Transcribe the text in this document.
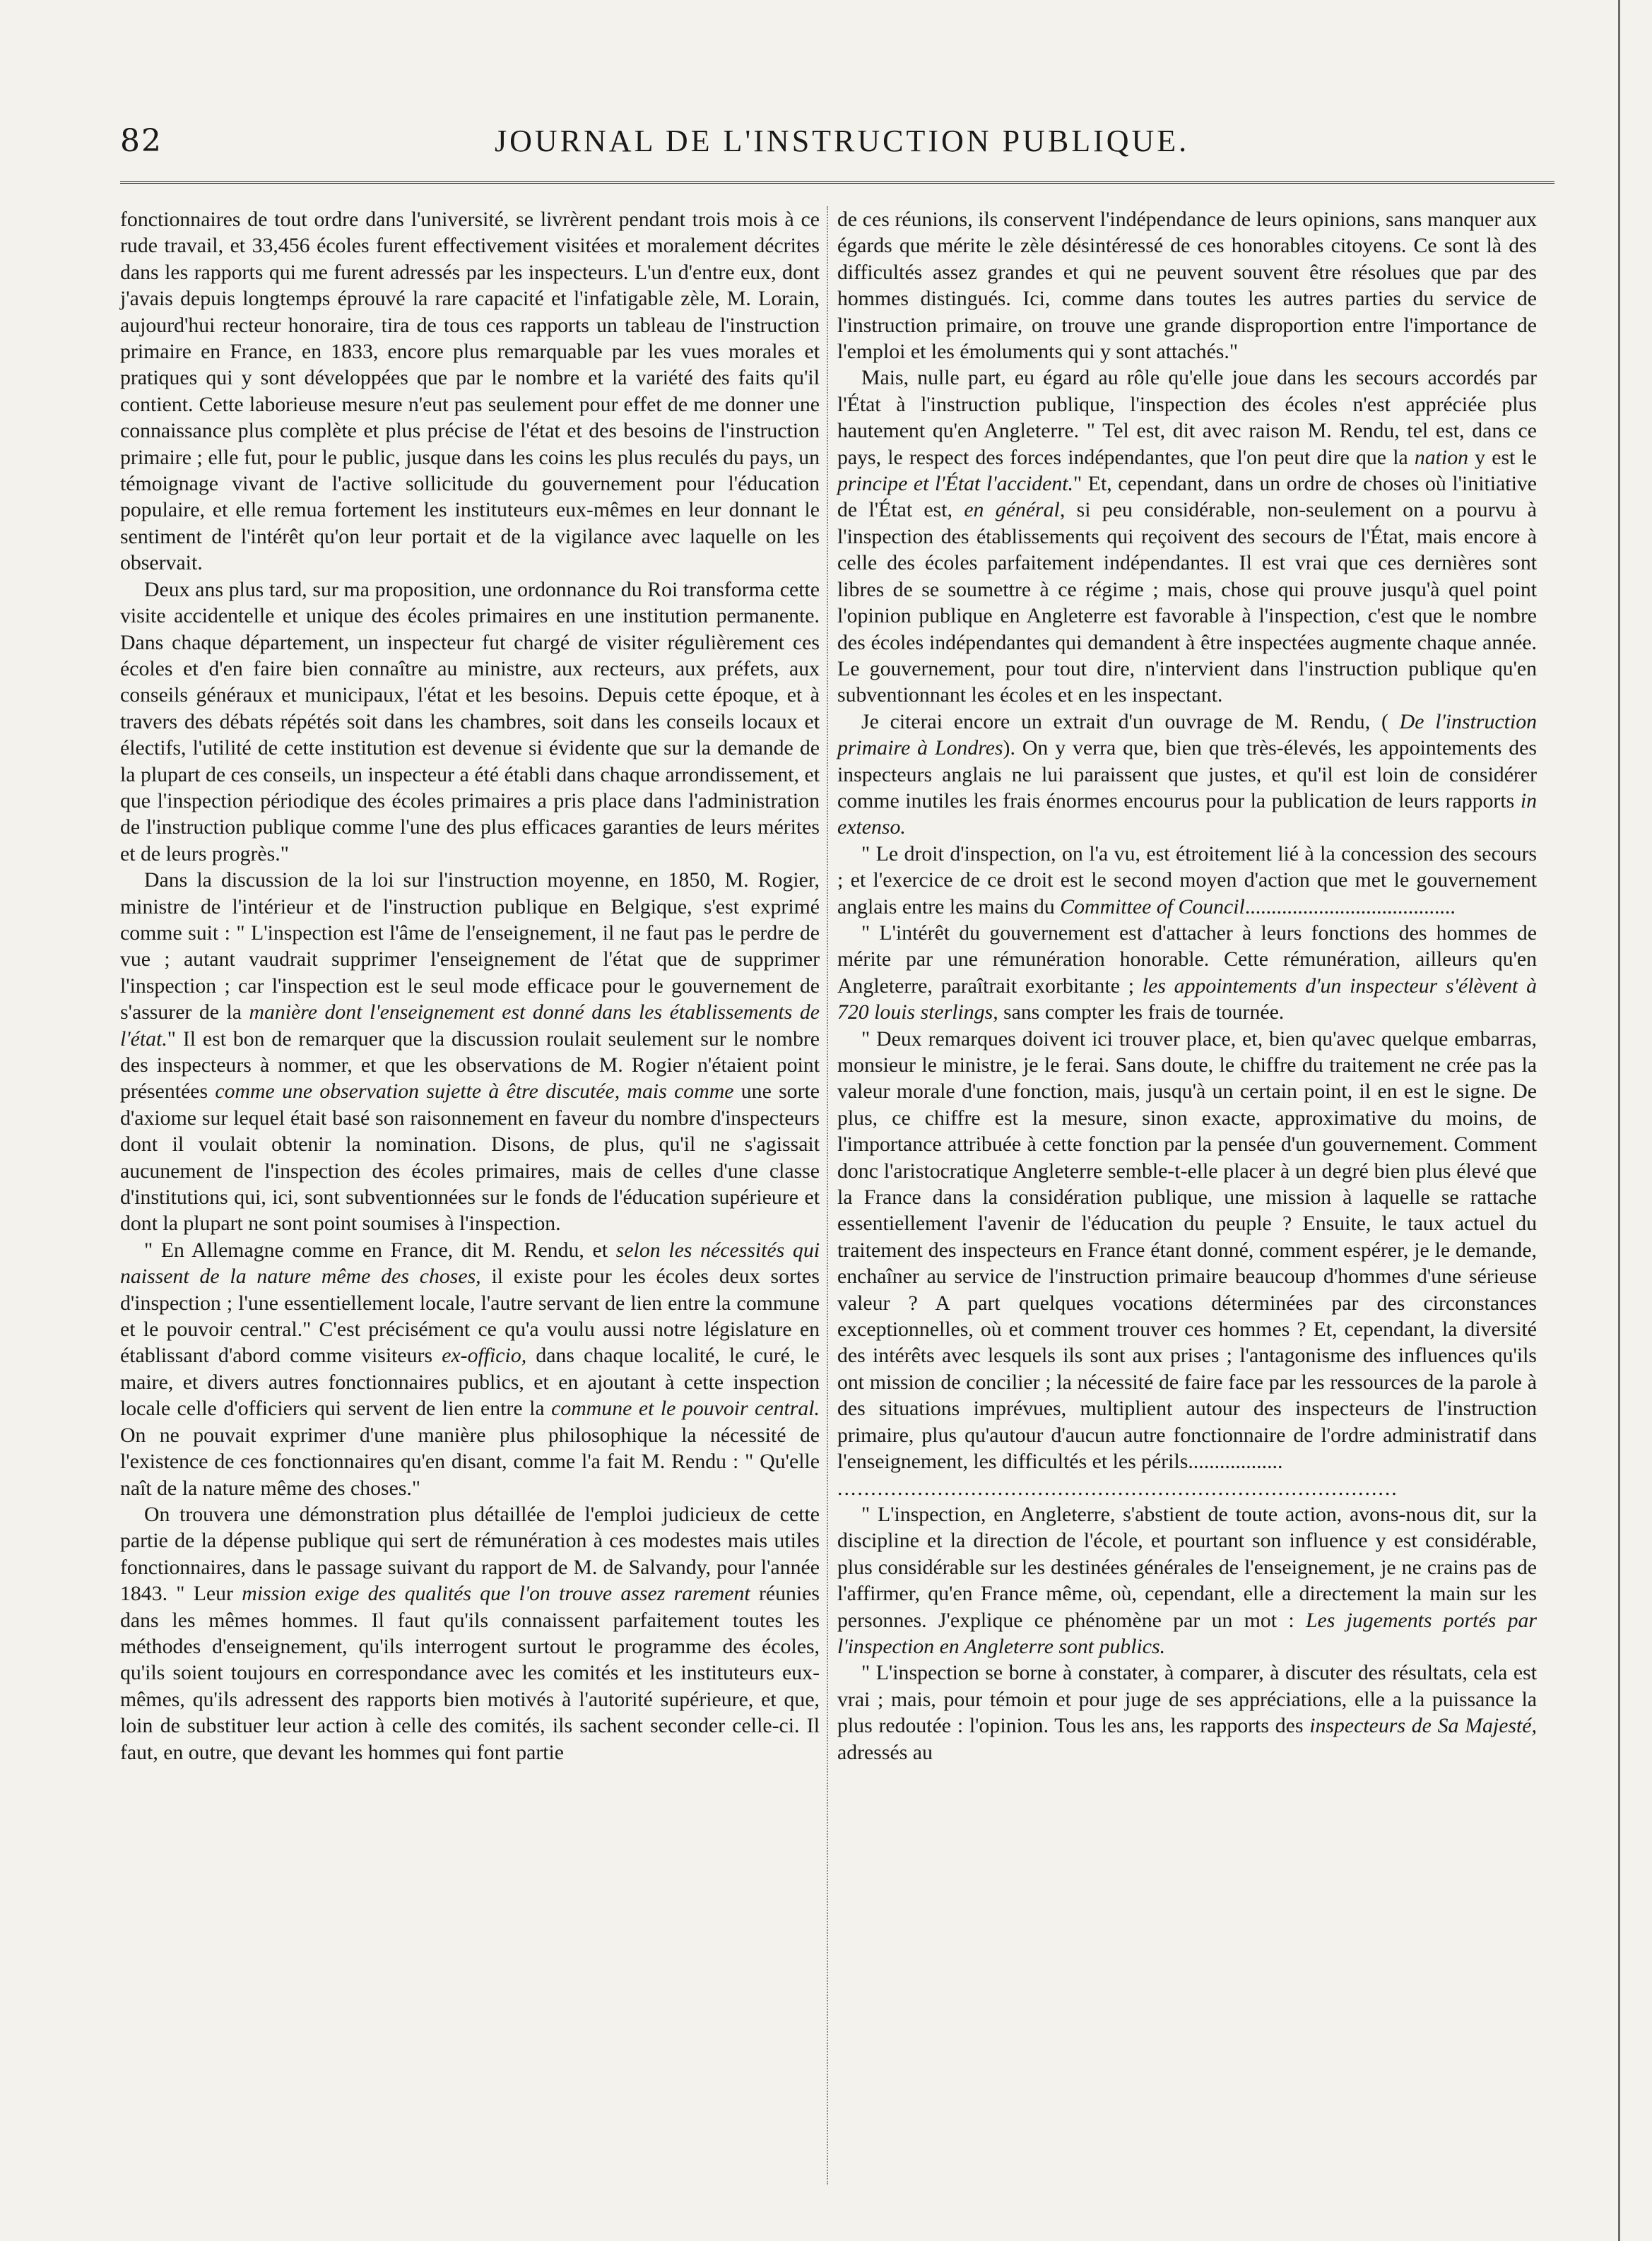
82	JOURNAL DE L'INSTRUCTION PUBLIQUE.

fonctionnaires de tout ordre dans l'université, se livrèrent pendant trois mois à ce rude travail, et 33,456 écoles furent effectivement visitées et moralement décrites dans les rapports qui me furent adressés par les inspecteurs. L'un d'entre eux, dont j'avais depuis longtemps éprouvé la rare capacité et l'infatigable zèle, M. Lorain, aujourd'hui recteur honoraire, tira de tous ces rapports un tableau de l'instruction primaire en France, en 1833, encore plus remarquable par les vues morales et pratiques qui y sont développées que par le nombre et la variété des faits qu'il contient. Cette laborieuse mesure n'eut pas seulement pour effet de me donner une connaissance plus complète et plus précise de l'état et des besoins de l'instruction primaire ; elle fut, pour le public, jusque dans les coins les plus reculés du pays, un témoignage vivant de l'active sollicitude du gouvernement pour l'éducation populaire, et elle remua fortement les instituteurs eux-mêmes en leur donnant le sentiment de l'intérêt qu'on leur portait et de la vigilance avec laquelle on les observait.

Deux ans plus tard, sur ma proposition, une ordonnance du Roi transforma cette visite accidentelle et unique des écoles primaires en une institution permanente. Dans chaque département, un inspecteur fut chargé de visiter régulièrement ces écoles et d'en faire bien connaître au ministre, aux recteurs, aux préfets, aux conseils généraux et municipaux, l'état et les besoins. Depuis cette époque, et à travers des débats répétés soit dans les chambres, soit dans les conseils locaux et électifs, l'utilité de cette institution est devenue si évidente que sur la demande de la plupart de ces conseils, un inspecteur a été établi dans chaque arrondissement, et que l'inspection périodique des écoles primaires a pris place dans l'administration de l'instruction publique comme l'une des plus efficaces garanties de leurs mérites et de leurs progrès."

Dans la discussion de la loi sur l'instruction moyenne, en 1850, M. Rogier, ministre de l'intérieur et de l'instruction publique en Belgique, s'est exprimé comme suit : " L'inspection est l'âme de l'enseignement, il ne faut pas le perdre de vue ; autant vaudrait supprimer l'enseignement de l'état que de supprimer l'inspection ; car l'inspection est le seul mode efficace pour le gouvernement de s'assurer de la manière dont l'enseignement est donné dans les établissements de l'état." Il est bon de remarquer que la discussion roulait seulement sur le nombre des inspecteurs à nommer, et que les observations de M. Rogier n'étaient point présentées comme une observation sujette à être discutée, mais comme une sorte d'axiome sur lequel était basé son raisonnement en faveur du nombre d'inspecteurs dont il voulait obtenir la nomination. Disons, de plus, qu'il ne s'agissait aucunement de l'inspection des écoles primaires, mais de celles d'une classe d'institutions qui, ici, sont subventionnées sur le fonds de l'éducation supérieure et dont la plupart ne sont point soumises à l'inspection.

" En Allemagne comme en France, dit M. Rendu, et selon les nécessités qui naissent de la nature même des choses, il existe pour les écoles deux sortes d'inspection ; l'une essentiellement locale, l'autre servant de lien entre la commune et le pouvoir central." C'est précisément ce qu'a voulu aussi notre législature en établissant d'abord comme visiteurs ex-officio, dans chaque localité, le curé, le maire, et divers autres fonctionnaires publics, et en ajoutant à cette inspection locale celle d'officiers qui servent de lien entre la commune et le pouvoir central. On ne pouvait exprimer d'une manière plus philosophique la nécessité de l'existence de ces fonctionnaires qu'en disant, comme l'a fait M. Rendu : " Qu'elle naît de la nature même des choses."

On trouvera une démonstration plus détaillée de l'emploi judicieux de cette partie de la dépense publique qui sert de rémunération à ces modestes mais utiles fonctionnaires, dans le passage suivant du rapport de M. de Salvandy, pour l'année 1843. " Leur mission exige des qualités que l'on trouve assez rarement réunies dans les mêmes hommes. Il faut qu'ils connaissent parfaitement toutes les méthodes d'enseignement, qu'ils interrogent surtout le programme des écoles, qu'ils soient toujours en correspondance avec les comités et les instituteurs eux-mêmes, qu'ils adressent des rapports bien motivés à l'autorité supérieure, et que, loin de substituer leur action à celle des comités, ils sachent seconder celle-ci. Il faut, en outre, que devant les hommes qui font partie

de ces réunions, ils conservent l'indépendance de leurs opinions, sans manquer aux égards que mérite le zèle désintéressé de ces honorables citoyens. Ce sont là des difficultés assez grandes et qui ne peuvent souvent être résolues que par des hommes distingués. Ici, comme dans toutes les autres parties du service de l'instruction primaire, on trouve une grande disproportion entre l'importance de l'emploi et les émoluments qui y sont attachés."

Mais, nulle part, eu égard au rôle qu'elle joue dans les secours accordés par l'État à l'instruction publique, l'inspection des écoles n'est appréciée plus hautement qu'en Angleterre. " Tel est, dit avec raison M. Rendu, tel est, dans ce pays, le respect des forces indépendantes, que l'on peut dire que la nation y est le principe et l'État l'accident." Et, cependant, dans un ordre de choses où l'initiative de l'État est, en général, si peu considérable, non-seulement on a pourvu à l'inspection des établissements qui reçoivent des secours de l'État, mais encore à celle des écoles parfaitement indépendantes. Il est vrai que ces dernières sont libres de se soumettre à ce régime ; mais, chose qui prouve jusqu'à quel point l'opinion publique en Angleterre est favorable à l'inspection, c'est que le nombre des écoles indépendantes qui demandent à être inspectées augmente chaque année. Le gouvernement, pour tout dire, n'intervient dans l'instruction publique qu'en subventionnant les écoles et en les inspectant.

Je citerai encore un extrait d'un ouvrage de M. Rendu, ( De l'instruction primaire à Londres). On y verra que, bien que très-élevés, les appointements des inspecteurs anglais ne lui paraissent que justes, et qu'il est loin de considérer comme inutiles les frais énormes encourus pour la publication de leurs rapports in extenso.

" Le droit d'inspection, on l'a vu, est étroitement lié à la concession des secours ; et l'exercice de ce droit est le second moyen d'action que met le gouvernement anglais entre les mains du Committee of Council........................................

" L'intérêt du gouvernement est d'attacher à leurs fonctions des hommes de mérite par une rémunération honorable. Cette rémunération, ailleurs qu'en Angleterre, paraîtrait exorbitante ; les appointements d'un inspecteur s'élèvent à 720 louis sterlings, sans compter les frais de tournée.

" Deux remarques doivent ici trouver place, et, bien qu'avec quelque embarras, monsieur le ministre, je le ferai. Sans doute, le chiffre du traitement ne crée pas la valeur morale d'une fonction, mais, jusqu'à un certain point, il en est le signe. De plus, ce chiffre est la mesure, sinon exacte, approximative du moins, de l'importance attribuée à cette fonction par la pensée d'un gouvernement. Comment donc l'aristocratique Angleterre semble-t-elle placer à un degré bien plus élevé que la France dans la considération publique, une mission à laquelle se rattache essentiellement l'avenir de l'éducation du peuple ? Ensuite, le taux actuel du traitement des inspecteurs en France étant donné, comment espérer, je le demande, enchaîner au service de l'instruction primaire beaucoup d'hommes d'une sérieuse valeur ? A part quelques vocations déterminées par des circonstances exceptionnelles, où et comment trouver ces hommes ? Et, cependant, la diversité des intérêts avec lesquels ils sont aux prises ; l'antagonisme des influences qu'ils ont mission de concilier ; la nécessité de faire face par les ressources de la parole à des situations imprévues, multiplient autour des inspecteurs de l'instruction primaire, plus qu'autour d'aucun autre fonctionnaire de l'ordre administratif dans l'enseignement, les difficultés et les périls..................

....................................................................................

" L'inspection, en Angleterre, s'abstient de toute action, avons-nous dit, sur la discipline et la direction de l'école, et pourtant son influence y est considérable, plus considérable sur les destinées générales de l'enseignement, je ne crains pas de l'affirmer, qu'en France même, où, cependant, elle a directement la main sur les personnes. J'explique ce phénomène par un mot : Les jugements portés par l'inspection en Angleterre sont publics.

" L'inspection se borne à constater, à comparer, à discuter des résultats, cela est vrai ; mais, pour témoin et pour juge de ses appréciations, elle a la puissance la plus redoutée : l'opinion. Tous les ans, les rapports des inspecteurs de Sa Majesté, adressés au
